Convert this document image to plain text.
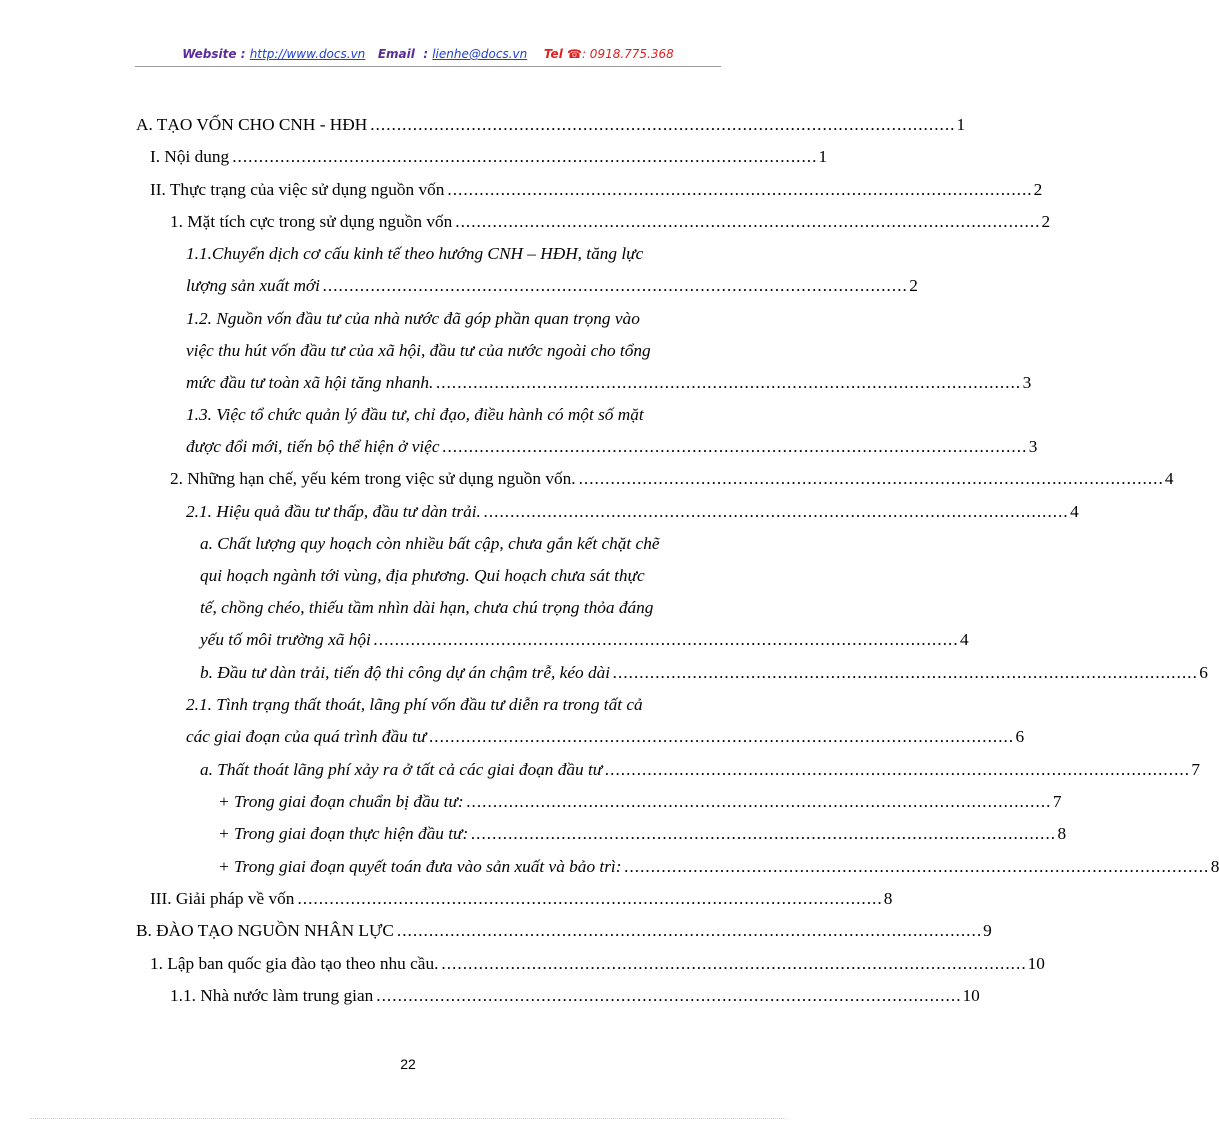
Website : http://www.docs.vn Email : lienhe@docs.vn Tel ☎: 0918.775.368
A. TẠO VỐN CHO CNH - HĐH .............................................................................................................. 1
I. Nội dung .............................................................................................................. 1
II. Thực trạng của việc sử dụng nguồn vốn .............................................................................................................. 2
1. Mặt tích cực trong sử dụng nguồn vốn .............................................................................................................. 2
1.1.Chuyển dịch cơ cấu kinh tế theo hướng CNH – HĐH, tăng lực
lượng sản xuất mới .............................................................................................................. 2
1.2. Nguồn vốn đầu tư của nhà nước đã góp phần quan trọng vào
việc thu hút vốn đầu tư của xã hội, đầu tư của nước ngoài cho tổng
mức đầu tư toàn xã hội tăng nhanh. .............................................................................................................. 3
1.3. Việc tổ chức quản lý đầu tư, chỉ đạo, điều hành có một số mặt
được đổi mới, tiến bộ thể hiện ở việc .............................................................................................................. 3
2. Những hạn chế, yếu kém trong việc sử dụng nguồn vốn. .............................................................................................................. 4
2.1. Hiệu quả đầu tư thấp, đầu tư dàn trải. .............................................................................................................. 4
a. Chất lượng quy hoạch còn nhiều bất cập, chưa gắn kết chặt chẽ
qui hoạch ngành tới vùng, địa phương. Qui hoạch chưa sát thực
tế, chồng chéo, thiếu tầm nhìn dài hạn, chưa chú trọng thỏa đáng
yếu tố môi trường xã hội .............................................................................................................. 4
b. Đầu tư dàn trải, tiến độ thi công dự án chậm trễ, kéo dài .............................................................................................................. 6
2.1. Tình trạng thất thoát, lãng phí vốn đầu tư diễn ra trong tất cả
các giai đoạn của quá trình đầu tư .............................................................................................................. 6
a. Thất thoát lãng phí xảy ra ở tất cả các giai đoạn đầu tư .............................................................................................................. 7
+ Trong giai đoạn chuẩn bị đầu tư: .............................................................................................................. 7
+ Trong giai đoạn thực hiện đầu tư: .............................................................................................................. 8
+ Trong giai đoạn quyết toán đưa vào sản xuất và bảo trì: .............................................................................................................. 8
III. Giải pháp về vốn .............................................................................................................. 8
B. ĐÀO TẠO NGUỒN NHÂN LỰC .............................................................................................................. 9
1. Lập ban quốc gia đào tạo theo nhu cầu. .............................................................................................................. 10
1.1. Nhà nước làm trung gian .............................................................................................................. 10
22
